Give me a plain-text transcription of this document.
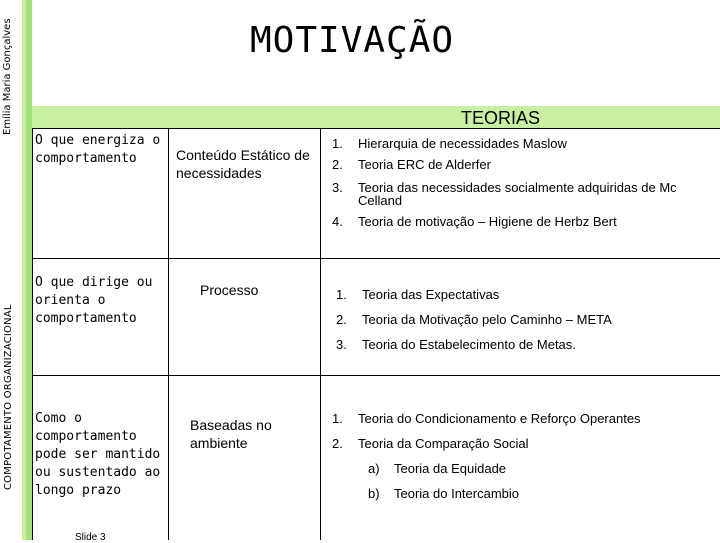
Emília Maria Gonçalves
COMPOTAMENTO ORGANIZACIONAL
MOTIVAÇÃO
TEORIAS
O que energiza o comportamento	Conteúdo Estático de necessidades
1. Hierarquia de necessidades Maslow
2. Teoria ERC de Alderfer
3. Teoria das necessidades socialmente adquiridas de Mc Celland
4. Teoria de motivação – Higiene de Herbz Bert
O que dirige ou orienta o comportamento
Processo	1. Teoria das Expectativas
2. Teoria da Motivação pelo Caminho – META
3. Teoria do Estabelecimento de Metas.
Como o comportamento pode ser mantido ou sustentado ao longo prazo
Baseadas no ambiente
1. Teoria do Condicionamento e Reforço Operantes
2. Teoria da Comparação Social
a) Teoria da Equidade
b) Teoria do Intercambio
Slide 3
